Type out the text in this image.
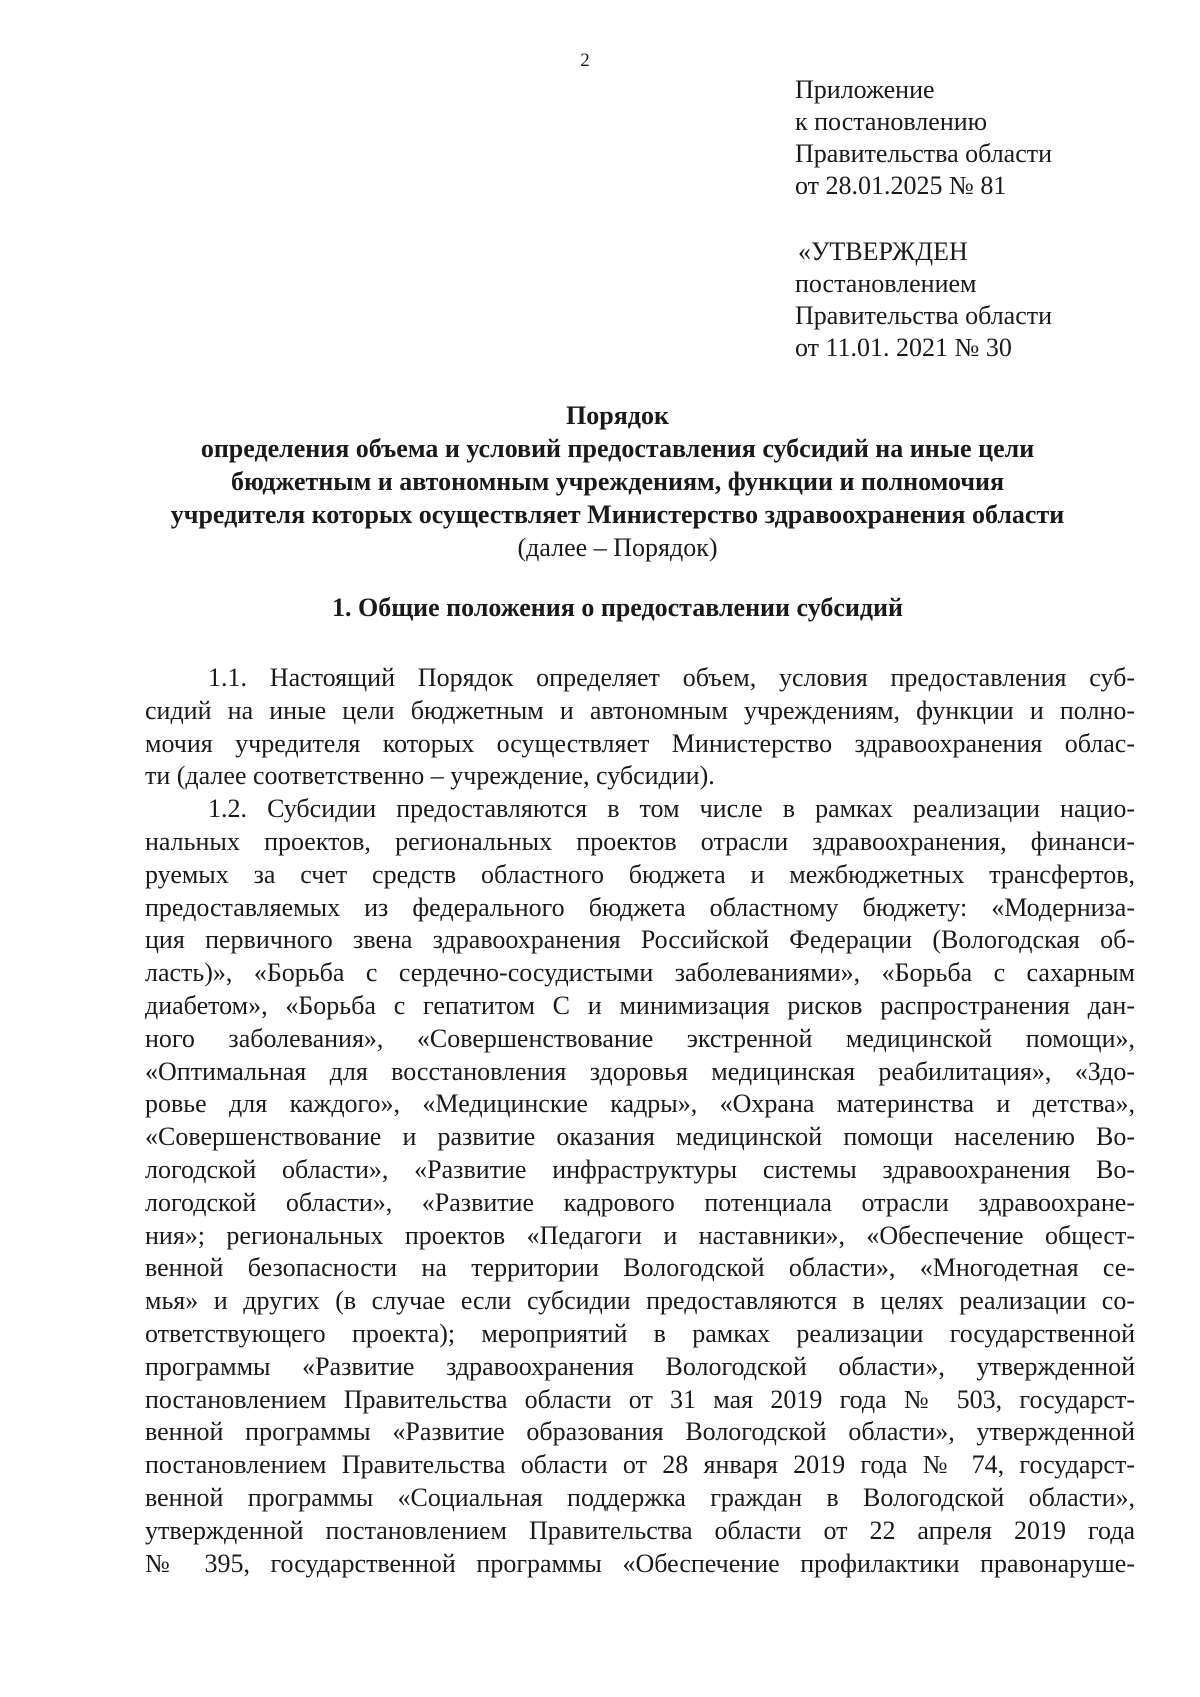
2
Приложение
к постановлению
Правительства области
от 28.01.2025 № 81
«УТВЕРЖДЕН
постановлением
Правительства области
от 11.01. 2021 № 30
Порядок
определения объема и условий предоставления субсидий на иные цели
бюджетным и автономным учреждениям, функции и полномочия
учредителя которых осуществляет Министерство здравоохранения области
(далее – Порядок)
1. Общие положения о предоставлении субсидий
1.1. Настоящий Порядок определяет объем, условия предоставления суб-
сидий на иные цели бюджетным и автономным учреждениям, функции и полно-
мочия учредителя которых осуществляет Министерство здравоохранения облас-
ти (далее соответственно – учреждение, субсидии).
1.2. Субсидии предоставляются в том числе в рамках реализации нацио-
нальных проектов, региональных проектов отрасли здравоохранения, финанси-
руемых за счет средств областного бюджета и межбюджетных трансфертов,
предоставляемых из федерального бюджета областному бюджету: «Модерниза-
ция первичного звена здравоохранения Российской Федерации (Вологодская об-
ласть)», «Борьба с сердечно-сосудистыми заболеваниями», «Борьба с сахарным
диабетом», «Борьба с гепатитом С и минимизация рисков распространения дан-
ного заболевания», «Совершенствование экстренной медицинской помощи»,
«Оптимальная для восстановления здоровья медицинская реабилитация», «Здо-
ровье для каждого», «Медицинские кадры», «Охрана материнства и детства»,
«Совершенствование и развитие оказания медицинской помощи населению Во-
логодской области», «Развитие инфраструктуры системы здравоохранения Во-
логодской области», «Развитие кадрового потенциала отрасли здравоохране-
ния»; региональных проектов «Педагоги и наставники», «Обеспечение общест-
венной безопасности на территории Вологодской области», «Многодетная се-
мья» и других (в случае если субсидии предоставляются в целях реализации со-
ответствующего проекта); мероприятий в рамках реализации государственной
программы «Развитие здравоохранения Вологодской области», утвержденной
постановлением Правительства области от 31 мая 2019 года № 503, государст-
венной программы «Развитие образования Вологодской области», утвержденной
постановлением Правительства области от 28 января 2019 года № 74, государст-
венной программы «Социальная поддержка граждан в Вологодской области»,
утвержденной постановлением Правительства области от 22 апреля 2019 года
№ 395, государственной программы «Обеспечение профилактики правонаруше-
